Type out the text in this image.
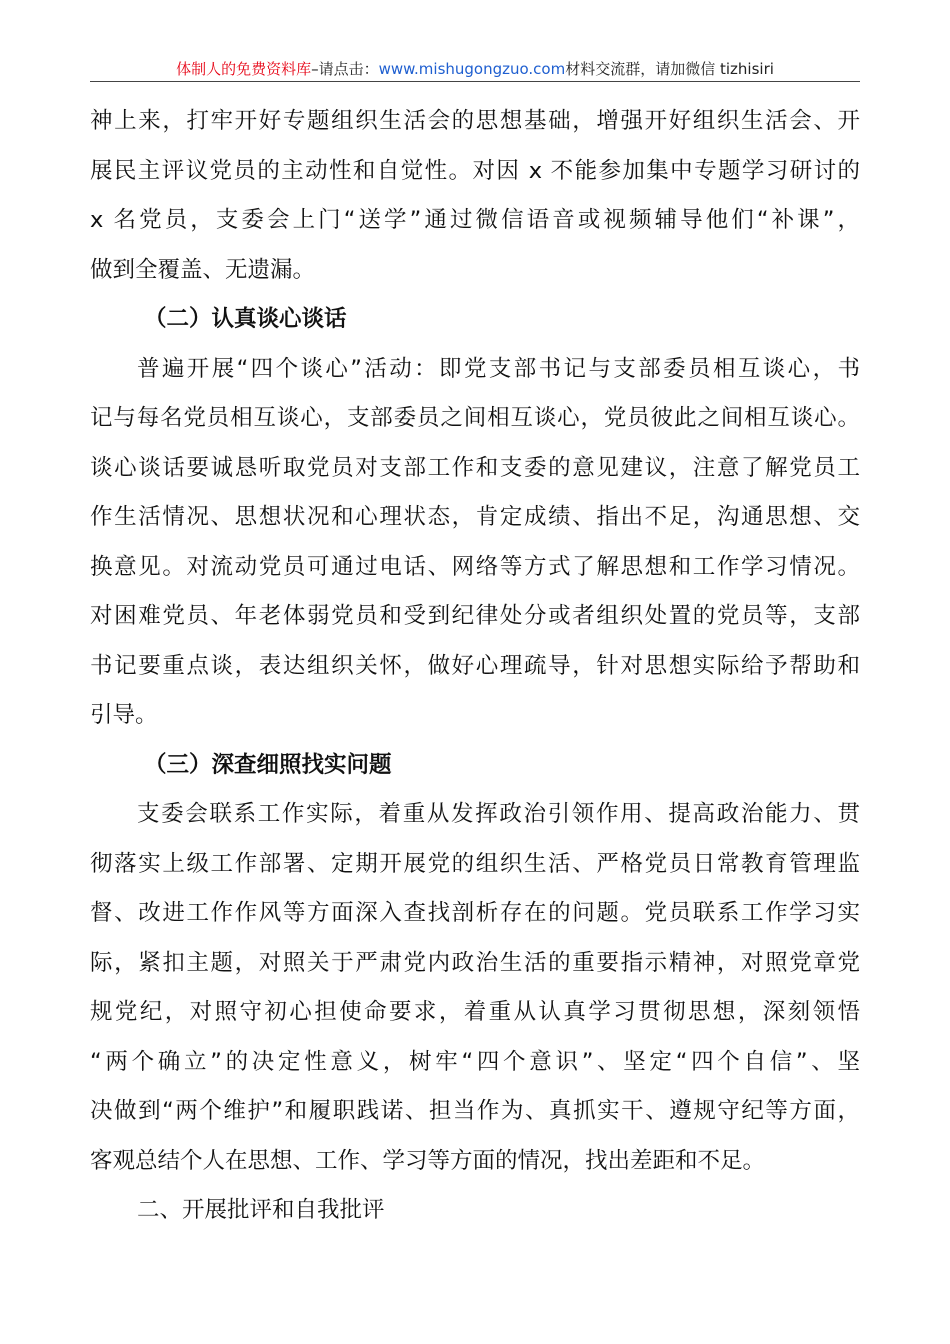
体制人的免费资料库–请点击：www.mishugongzuo.com材料交流群，请加微信 tizhisiri
神上来，打牢开好专题组织生活会的思想基础，增强开好组织生活会、开
展民主评议党员的主动性和自觉性。对因 x 不能参加集中专题学习研讨的
x 名党员，支委会上门“送学”通过微信语音或视频辅导他们“补课”，
做到全覆盖、无遗漏。
（二）认真谈心谈话
普遍开展“四个谈心”活动：即党支部书记与支部委员相互谈心，书
记与每名党员相互谈心，支部委员之间相互谈心，党员彼此之间相互谈心。
谈心谈话要诚恳听取党员对支部工作和支委的意见建议，注意了解党员工
作生活情况、思想状况和心理状态，肯定成绩、指出不足，沟通思想、交
换意见。对流动党员可通过电话、网络等方式了解思想和工作学习情况。
对困难党员、年老体弱党员和受到纪律处分或者组织处置的党员等，支部
书记要重点谈，表达组织关怀，做好心理疏导，针对思想实际给予帮助和
引导。
（三）深查细照找实问题
支委会联系工作实际，着重从发挥政治引领作用、提高政治能力、贯
彻落实上级工作部署、定期开展党的组织生活、严格党员日常教育管理监
督、改进工作作风等方面深入查找剖析存在的问题。党员联系工作学习实
际，紧扣主题，对照关于严肃党内政治生活的重要指示精神，对照党章党
规党纪，对照守初心担使命要求，着重从认真学习贯彻思想，深刻领悟
“两个确立”的决定性意义，树牢“四个意识”、坚定“四个自信”、坚
决做到“两个维护”和履职践诺、担当作为、真抓实干、遵规守纪等方面，
客观总结个人在思想、工作、学习等方面的情况，找出差距和不足。
二、开展批评和自我批评
